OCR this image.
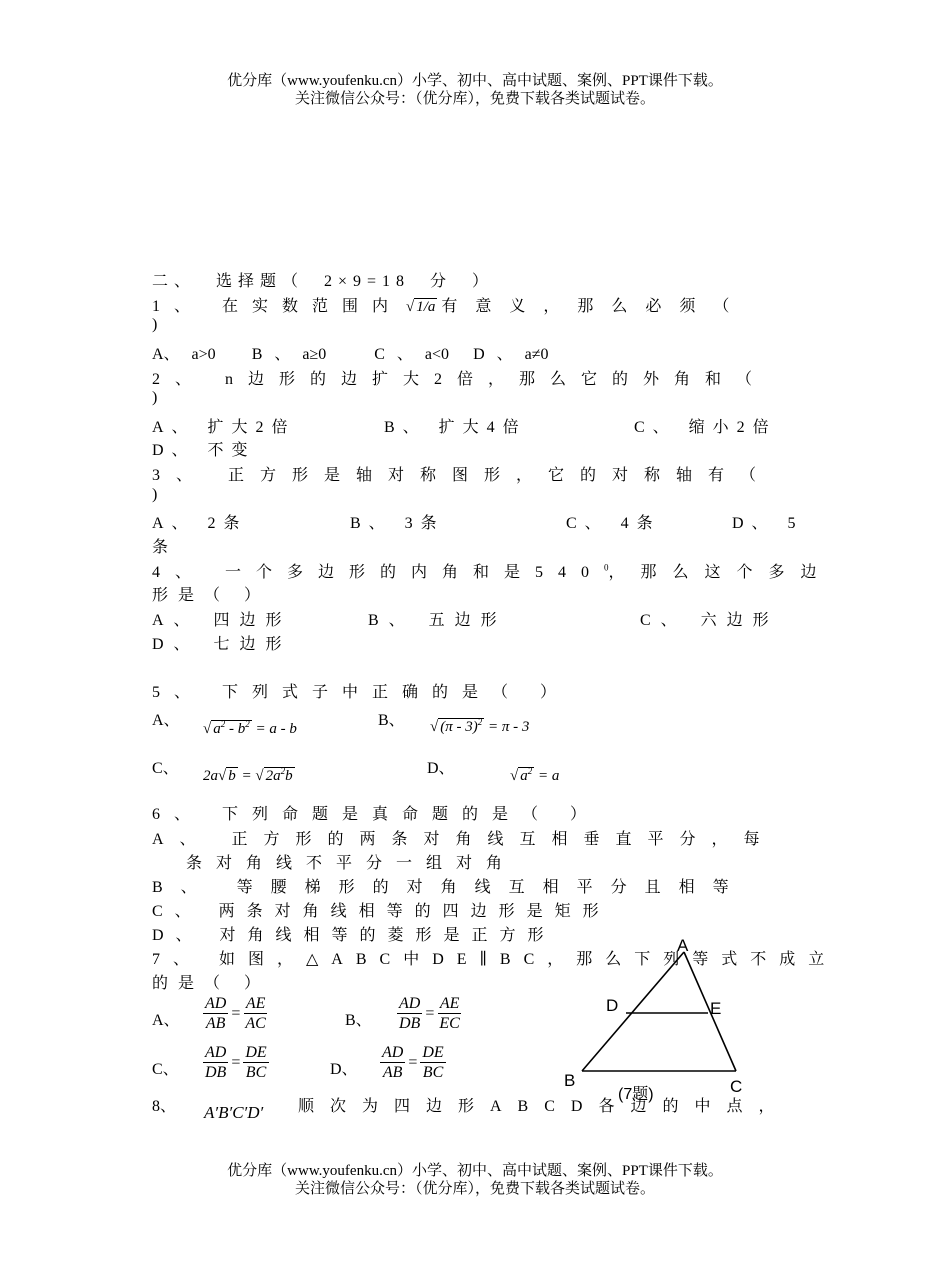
优分库（www.youfenku.cn）小学、初中、高中试题、案例、PPT课件下载。
关注微信公众号：（优分库），免费下载各类试题试卷。
二、 选择题（ 2×9=18 分 ）
1、 在实数范围内 √ 1/a 有意义，那么必须（
)
A、 a>0 B 、 a≥0	C 、 a<0 D 、 a≠0
2、 n边形的边扩大2倍，那么它的外角和（
)
A、 扩大2倍	B、 扩大4倍	C、 缩小2倍
D、 不变
3、 正方形是轴对称图形，它的对称轴有（
)
A、 2条	B、 3条	C、 4条	D、 5
条
4、 一个多边形的内角和是$540^0$，那么这个多边
形是（ ）
A、 四边形	B、 五边形	C、 六边形
D、 七边形
5、 下列式子中正确的是（ ）
A、 √ $a^2 - b^2 = a - b$	B、 √ (π - 3)$^2$ = π - 3
C、 2a√ b = √ $2a^2b$	D、	√ $a^2 = a$
6、 下列命题是真命题的是（ ）
A、 正方形的两条对角线互相垂直平分，每
条对角线不平分一组对角
B、 等腰梯形的对角线互相平分且相等
C、 两条对角线相等的四边形是矩形
D、 对角线相等的菱形是正方形
7、 如图，△ABC中DE∥BC，那么下列等式不成立
的是（ ）
A、 $\frac{AD}{AB} = \frac{AE}{AC}$	B、 $\frac{AD}{DB} = \frac{AE}{EC}$
C、 $\frac{AD}{DB} = \frac{DE}{BC}$	D、 $\frac{AD}{AB} = \frac{DE}{BC}$
8、 A′B′C′D′ 顺次为四边形ABCD各边的中点，
A
D	E
B	C
(7题)
优分库（www.youfenku.cn）小学、初中、高中试题、案例、PPT课件下载。
关注微信公众号：（优分库），免费下载各类试题试卷。
